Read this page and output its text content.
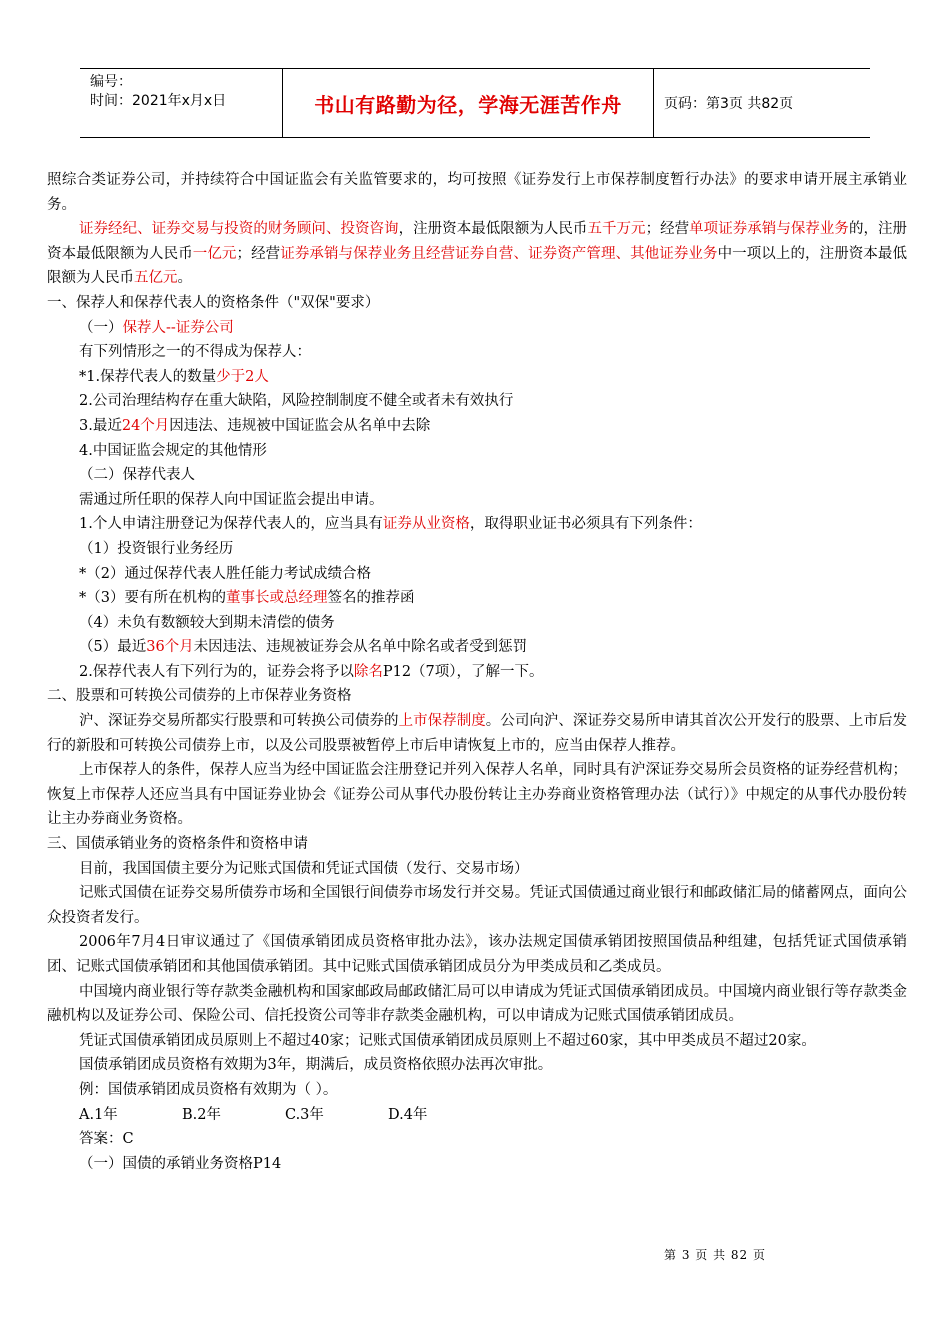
编号：
时间：2021年x月x日	书山有路勤为径，学海无涯苦作舟	页码：第3页 共82页

照综合类证券公司，并持续符合中国证监会有关监管要求的，均可按照《证券发行上市保荐制度暂行办法》的要求申请开展主承销业务。

证券经纪、证券交易与投资的财务顾问、投资咨询，注册资本最低限额为人民币五千万元；经营单项证券承销与保荐业务的，注册资本最低限额为人民币一亿元；经营证券承销与保荐业务且经营证券自营、证券资产管理、其他证券业务中一项以上的，注册资本最低限额为人民币五亿元。

一、保荐人和保荐代表人的资格条件（"双保"要求）

（一）保荐人--证券公司

有下列情形之一的不得成为保荐人：

*1.保荐代表人的数量少于2人

2.公司治理结构存在重大缺陷，风险控制制度不健全或者未有效执行

3.最近24个月因违法、违规被中国证监会从名单中去除

4.中国证监会规定的其他情形

（二）保荐代表人

需通过所任职的保荐人向中国证监会提出申请。

1.个人申请注册登记为保荐代表人的，应当具有证券从业资格，取得职业证书必须具有下列条件：

（1）投资银行业务经历

*（2）通过保荐代表人胜任能力考试成绩合格

*（3）要有所在机构的董事长或总经理签名的推荐函

（4）未负有数额较大到期未清偿的债务

（5）最近36个月未因违法、违规被证券会从名单中除名或者受到惩罚

2.保荐代表人有下列行为的，证券会将予以除名P12（7项），了解一下。

二、股票和可转换公司债券的上市保荐业务资格

沪、深证券交易所都实行股票和可转换公司债券的上市保荐制度。公司向沪、深证券交易所申请其首次公开发行的股票、上市后发行的新股和可转换公司债券上市，以及公司股票被暂停上市后申请恢复上市的，应当由保荐人推荐。

上市保荐人的条件，保荐人应当为经中国证监会注册登记并列入保荐人名单，同时具有沪深证券交易所会员资格的证券经营机构；恢复上市保荐人还应当具有中国证券业协会《证券公司从事代办股份转让主办券商业资格管理办法（试行）》中规定的从事代办股份转让主办券商业务资格。

三、国债承销业务的资格条件和资格申请

目前，我国国债主要分为记账式国债和凭证式国债（发行、交易市场）

记账式国债在证券交易所债券市场和全国银行间债券市场发行并交易。凭证式国债通过商业银行和邮政储汇局的储蓄网点，面向公众投资者发行。

2006年7月4日审议通过了《国债承销团成员资格审批办法》，该办法规定国债承销团按照国债品种组建，包括凭证式国债承销团、记账式国债承销团和其他国债承销团。其中记账式国债承销团成员分为甲类成员和乙类成员。

中国境内商业银行等存款类金融机构和国家邮政局邮政储汇局可以申请成为凭证式国债承销团成员。中国境内商业银行等存款类金融机构以及证券公司、保险公司、信托投资公司等非存款类金融机构，可以申请成为记账式国债承销团成员。

凭证式国债承销团成员原则上不超过40家；记账式国债承销团成员原则上不超过60家，其中甲类成员不超过20家。

国债承销团成员资格有效期为3年，期满后，成员资格依照办法再次审批。

例：国债承销团成员资格有效期为（ ）。

A.1年	B.2年	C.3年	D.4年

答案：C

（一）国债的承销业务资格P14

第 3 页 共 82 页
